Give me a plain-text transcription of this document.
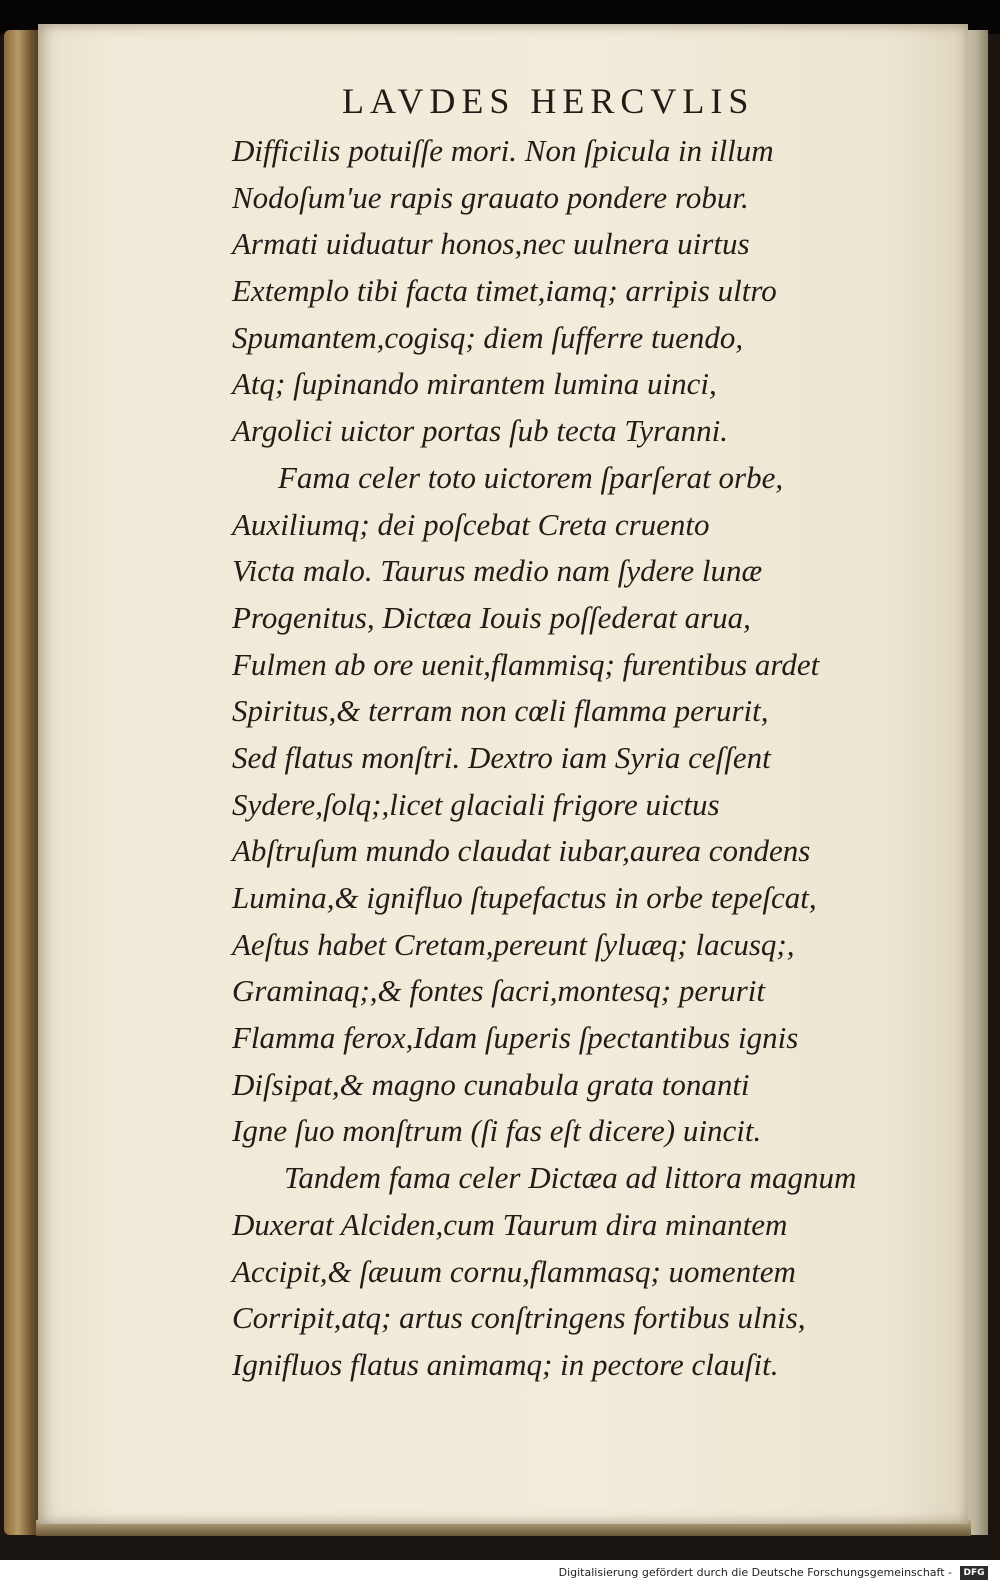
LAVDES HERCVLIS
Difficilis potuiſſe mori. Non ſpicula in illum
Nodoſum'ue rapis grauato pondere robur.
Armati uiduatur honos,nec uulnera uirtus
Extemplo tibi facta timet,iamq; arripis ultro
Spumantem,cogisq; diem ſufferre tuendo,
Atq; ſupinando mirantem lumina uinci,
Argolici uictor portas ſub tecta Tyranni.
Fama celer toto uictorem ſparſerat orbe,
Auxiliumq; dei poſcebat Creta cruento
Victa malo. Taurus medio nam ſydere lunæ
Progenitus, Dictæa Iouis poſſederat arua,
Fulmen ab ore uenit,flammisq; furentibus ardet
Spiritus,& terram non cœli flamma perurit,
Sed flatus monſtri. Dextro iam Syria ceſſent
Sydere,ſolq;,licet glaciali frigore uictus
Abſtruſum mundo claudat iubar,aurea condens
Lumina,& ignifluo ſtupefactus in orbe tepeſcat,
Aeſtus habet Cretam,pereunt ſyluæq; lacusq;,
Graminaq;,& fontes ſacri,montesq; perurit
Flamma ferox,Idam ſuperis ſpectantibus ignis
Diſsipat,& magno cunabula grata tonanti
Igne ſuo monſtrum (ſi fas eſt dicere) uincit.
Tandem fama celer Dictæa ad littora magnum
Duxerat Alciden,cum Taurum dira minantem
Accipit,& ſæuum cornu,flammasq; uomentem
Corripit,atq; artus conſtringens fortibus ulnis,
Ignifluos flatus animamq; in pectore clauſit.
Digitalisierung gefördert durch die Deutsche Forschungsgemeinschaft -	DFG
